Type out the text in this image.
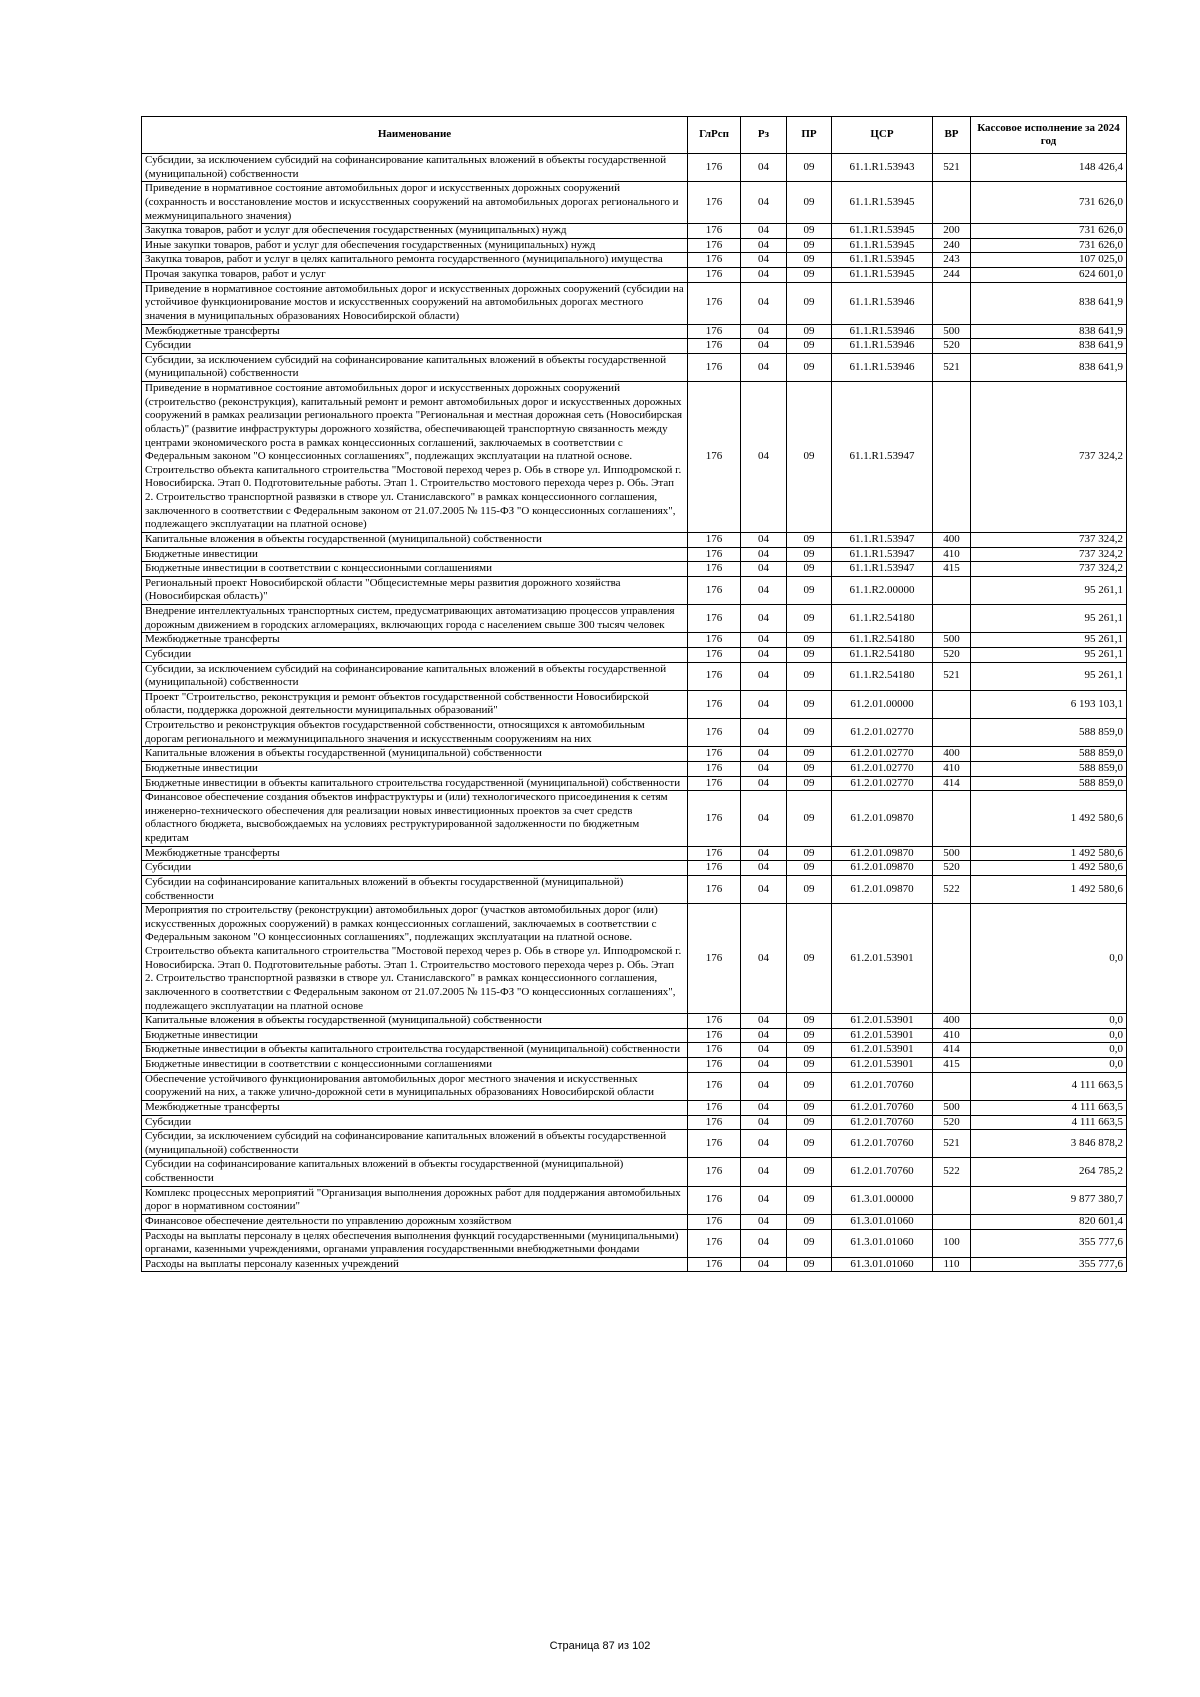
Наименование	ГлРсп	Рз	ПР	ЦСР	ВР	Кассовое исполнение за 2024 год
Субсидии, за исключением субсидий на софинансирование капитальных вложений в объекты государственной (муниципальной) собственности	176	04	09	61.1.R1.53943	521	148 426,4
Приведение в нормативное состояние автомобильных дорог и искусственных дорожных сооружений (сохранность и восстановление мостов и искусственных сооружений на автомобильных дорогах регионального и межмуниципального значения)	176	04	09	61.1.R1.53945		731 626,0
Закупка товаров, работ и услуг для обеспечения государственных (муниципальных) нужд	176	04	09	61.1.R1.53945	200	731 626,0
Иные закупки товаров, работ и услуг для обеспечения государственных (муниципальных) нужд	176	04	09	61.1.R1.53945	240	731 626,0
Закупка товаров, работ и услуг в целях капитального ремонта государственного (муниципального) имущества	176	04	09	61.1.R1.53945	243	107 025,0
Прочая закупка товаров, работ и услуг	176	04	09	61.1.R1.53945	244	624 601,0
Приведение в нормативное состояние автомобильных дорог и искусственных дорожных сооружений (субсидии на устойчивое функционирование мостов и искусственных сооружений на автомобильных дорогах местного значения в муниципальных образованиях Новосибирской области)	176	04	09	61.1.R1.53946		838 641,9
Межбюджетные трансферты	176	04	09	61.1.R1.53946	500	838 641,9
Субсидии	176	04	09	61.1.R1.53946	520	838 641,9
Субсидии, за исключением субсидий на софинансирование капитальных вложений в объекты государственной (муниципальной) собственности	176	04	09	61.1.R1.53946	521	838 641,9
Приведение в нормативное состояние автомобильных дорог и искусственных дорожных сооружений (строительство (реконструкция), капитальный ремонт и ремонт автомобильных дорог и искусственных дорожных сооружений в рамках реализации регионального проекта "Региональная и местная дорожная сеть (Новосибирская область)" (развитие инфраструктуры дорожного хозяйства, обеспечивающей транспортную связанность между центрами экономического роста в рамках концессионных соглашений, заключаемых в соответствии с Федеральным законом "О концессионных соглашениях", подлежащих эксплуатации на платной основе. Строительство объекта капитального строительства "Мостовой переход через р. Обь в створе ул. Ипподромской г. Новосибирска. Этап 0. Подготовительные работы. Этап 1. Строительство мостового перехода через р. Обь. Этап 2. Строительство транспортной развязки в створе ул. Станиславского" в рамках концессионного соглашения, заключенного в соответствии с Федеральным законом от 21.07.2005 № 115-ФЗ "О концессионных соглашениях", подлежащего эксплуатации на платной основе)	176	04	09	61.1.R1.53947		737 324,2
Капитальные вложения в объекты государственной (муниципальной) собственности	176	04	09	61.1.R1.53947	400	737 324,2
Бюджетные инвестиции	176	04	09	61.1.R1.53947	410	737 324,2
Бюджетные инвестиции в соответствии с концессионными соглашениями	176	04	09	61.1.R1.53947	415	737 324,2
Региональный проект Новосибирской области "Общесистемные меры развития дорожного хозяйства (Новосибирская область)"	176	04	09	61.1.R2.00000		95 261,1
Внедрение интеллектуальных транспортных систем, предусматривающих автоматизацию процессов управления дорожным движением в городских агломерациях, включающих города с населением свыше 300 тысяч человек	176	04	09	61.1.R2.54180		95 261,1
Межбюджетные трансферты	176	04	09	61.1.R2.54180	500	95 261,1
Субсидии	176	04	09	61.1.R2.54180	520	95 261,1
Субсидии, за исключением субсидий на софинансирование капитальных вложений в объекты государственной (муниципальной) собственности	176	04	09	61.1.R2.54180	521	95 261,1
Проект "Строительство, реконструкция и ремонт объектов государственной собственности Новосибирской области, поддержка дорожной деятельности муниципальных образований"	176	04	09	61.2.01.00000		6 193 103,1
Строительство и реконструкция объектов государственной собственности, относящихся к автомобильным дорогам регионального и межмуниципального значения и искусственным сооружениям на них	176	04	09	61.2.01.02770		588 859,0
Капитальные вложения в объекты государственной (муниципальной) собственности	176	04	09	61.2.01.02770	400	588 859,0
Бюджетные инвестиции	176	04	09	61.2.01.02770	410	588 859,0
Бюджетные инвестиции в объекты капитального строительства государственной (муниципальной) собственности	176	04	09	61.2.01.02770	414	588 859,0
Финансовое обеспечение создания объектов инфраструктуры и (или) технологического присоединения к сетям инженерно-технического обеспечения для реализации новых инвестиционных проектов за счет средств областного бюджета, высвобождаемых на условиях реструктурированной задолженности по бюджетным кредитам	176	04	09	61.2.01.09870		1 492 580,6
Межбюджетные трансферты	176	04	09	61.2.01.09870	500	1 492 580,6
Субсидии	176	04	09	61.2.01.09870	520	1 492 580,6
Субсидии на софинансирование капитальных вложений в объекты государственной (муниципальной) собственности	176	04	09	61.2.01.09870	522	1 492 580,6
Мероприятия по строительству (реконструкции) автомобильных дорог (участков автомобильных дорог (или) искусственных дорожных сооружений) в рамках концессионных соглашений, заключаемых в соответствии с Федеральным законом "О концессионных соглашениях", подлежащих эксплуатации на платной основе. Строительство объекта капитального строительства "Мостовой переход через р. Обь в створе ул. Ипподромской г. Новосибирска. Этап 0. Подготовительные работы. Этап 1. Строительство мостового перехода через р. Обь. Этап 2. Строительство транспортной развязки в створе ул. Станиславского" в рамках концессионного соглашения, заключенного в соответствии с Федеральным законом от 21.07.2005 № 115-ФЗ "О концессионных соглашениях", подлежащего эксплуатации на платной основе	176	04	09	61.2.01.53901		0,0
Капитальные вложения в объекты государственной (муниципальной) собственности	176	04	09	61.2.01.53901	400	0,0
Бюджетные инвестиции	176	04	09	61.2.01.53901	410	0,0
Бюджетные инвестиции в объекты капитального строительства государственной (муниципальной) собственности	176	04	09	61.2.01.53901	414	0,0
Бюджетные инвестиции в соответствии с концессионными соглашениями	176	04	09	61.2.01.53901	415	0,0
Обеспечение устойчивого функционирования автомобильных дорог местного значения и искусственных сооружений на них, а также улично-дорожной сети в муниципальных образованиях Новосибирской области	176	04	09	61.2.01.70760		4 111 663,5
Межбюджетные трансферты	176	04	09	61.2.01.70760	500	4 111 663,5
Субсидии	176	04	09	61.2.01.70760	520	4 111 663,5
Субсидии, за исключением субсидий на софинансирование капитальных вложений в объекты государственной (муниципальной) собственности	176	04	09	61.2.01.70760	521	3 846 878,2
Субсидии на софинансирование капитальных вложений в объекты государственной (муниципальной) собственности	176	04	09	61.2.01.70760	522	264 785,2
Комплекс процессных мероприятий "Организация выполнения дорожных работ для поддержания автомобильных дорог в нормативном состоянии"	176	04	09	61.3.01.00000		9 877 380,7
Финансовое обеспечение деятельности по управлению дорожным хозяйством	176	04	09	61.3.01.01060		820 601,4
Расходы на выплаты персоналу в целях обеспечения выполнения функций государственными (муниципальными) органами, казенными учреждениями, органами управления государственными внебюджетными фондами	176	04	09	61.3.01.01060	100	355 777,6
Расходы на выплаты персоналу казенных учреждений	176	04	09	61.3.01.01060	110	355 777,6
Страница 87 из 102
